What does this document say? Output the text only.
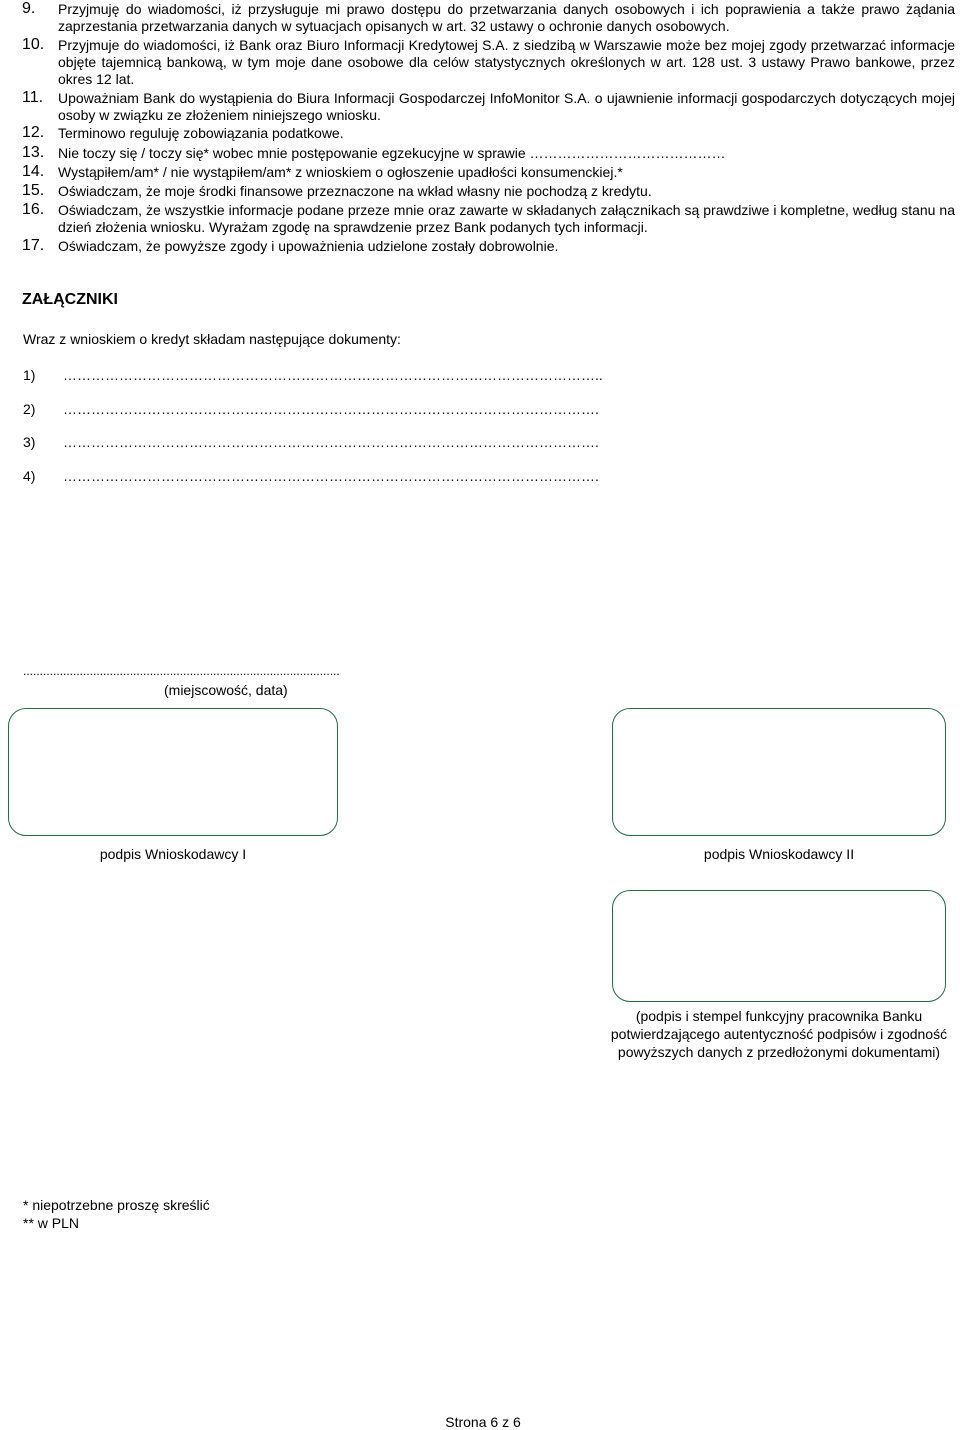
9. Przyjmuję do wiadomości, iż przysługuje mi prawo dostępu do przetwarzania danych osobowych i ich poprawienia a także prawo żądania zaprzestania przetwarzania danych w sytuacjach opisanych w art. 32 ustawy o ochronie danych osobowych.
10. Przyjmuje do wiadomości, iż Bank oraz Biuro Informacji Kredytowej S.A. z siedzibą w Warszawie może bez mojej zgody przetwarzać informacje objęte tajemnicą bankową, w tym moje dane osobowe dla celów statystycznych określonych w art. 128 ust. 3 ustawy Prawo bankowe, przez okres 12 lat.
11. Upoważniam Bank do wystąpienia do Biura Informacji Gospodarczej InfoMonitor S.A. o ujawnienie informacji gospodarczych dotyczących mojej osoby w związku ze złożeniem niniejszego wniosku.
12. Terminowo reguluję zobowiązania podatkowe.
13. Nie toczy się / toczy się* wobec mnie postępowanie egzekucyjne w sprawie ……………………………………
14. Wystąpiłem/am* / nie wystąpiłem/am* z wnioskiem o ogłoszenie upadłości konsumenckiej.*
15. Oświadczam, że moje środki finansowe przeznaczone na wkład własny nie pochodzą z kredytu.
16. Oświadczam, że wszystkie informacje podane przeze mnie oraz zawarte w składanych załącznikach są prawdziwe i kompletne, według stanu na dzień złożenia wniosku. Wyrażam zgodę na sprawdzenie przez Bank podanych tych informacji.
17. Oświadczam, że powyższe zgody i upoważnienia udzielone zostały dobrowolnie.
ZAŁĄCZNIKI
Wraz z wnioskiem o kredyt składam następujące dokumenty:
1) ……………………………………………………………………………………………………..
2) …………………………………………………………………………………………………….
3) …………………………………………………………………………………………………….
4) …………………………………………………………………………………………………….
...............................................................................................
(miejscowość, data)
podpis Wnioskodawcy I	podpis Wnioskodawcy II
(podpis i stempel funkcyjny pracownika Banku
potwierdzającego autentyczność podpisów i zgodność
powyższych danych z przedłożonymi dokumentami)
* niepotrzebne proszę skreślić
** w PLN
Strona 6 z 6
